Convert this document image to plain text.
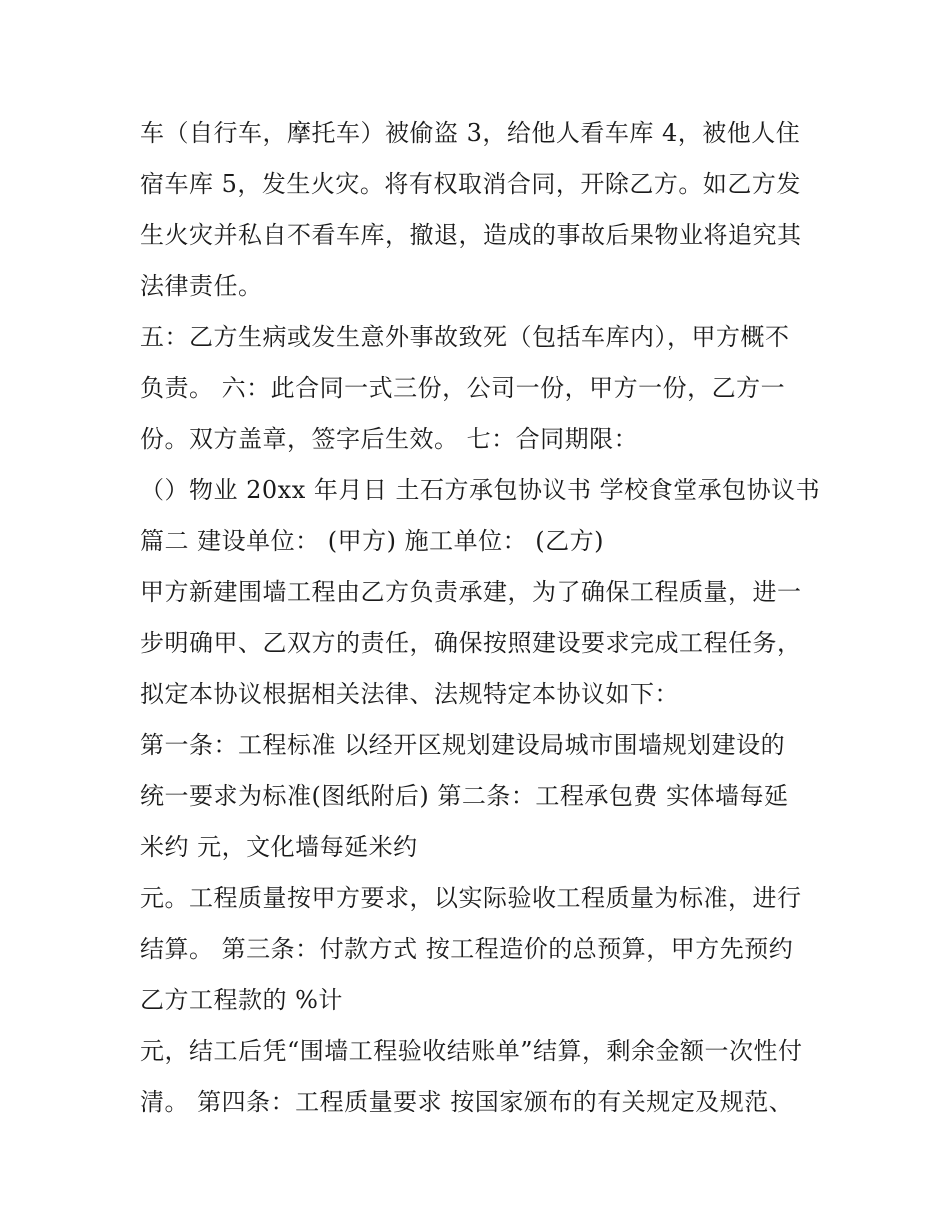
车（自行车，摩托车）被偷盗 3，给他人看车库 4，被他人住
宿车库 5，发生火灾。将有权取消合同，开除乙方。如乙方发
生火灾并私自不看车库，撤退，造成的事故后果物业将追究其
法律责任。
五：乙方生病或发生意外事故致死（包括车库内），甲方概不
负责。 六：此合同一式三份，公司一份，甲方一份，乙方一
份。双方盖章，签字后生效。 七：合同期限：
（）物业 20xx 年月日 土石方承包协议书 学校食堂承包协议书
篇二 建设单位： (甲方) 施工单位： (乙方)
甲方新建围墙工程由乙方负责承建，为了确保工程质量，进一
步明确甲、乙双方的责任，确保按照建设要求完成工程任务，
拟定本协议根据相关法律、法规特定本协议如下：
第一条：工程标准 以经开区规划建设局城市围墙规划建设的
统一要求为标准(图纸附后) 第二条：工程承包费 实体墙每延
米约 元，文化墙每延米约
元。工程质量按甲方要求，以实际验收工程质量为标准，进行
结算。 第三条：付款方式 按工程造价的总预算，甲方先预约
乙方工程款的 %计
元，结工后凭“围墙工程验收结账单”结算，剩余金额一次性付
清。 第四条：工程质量要求 按国家颁布的有关规定及规范、
